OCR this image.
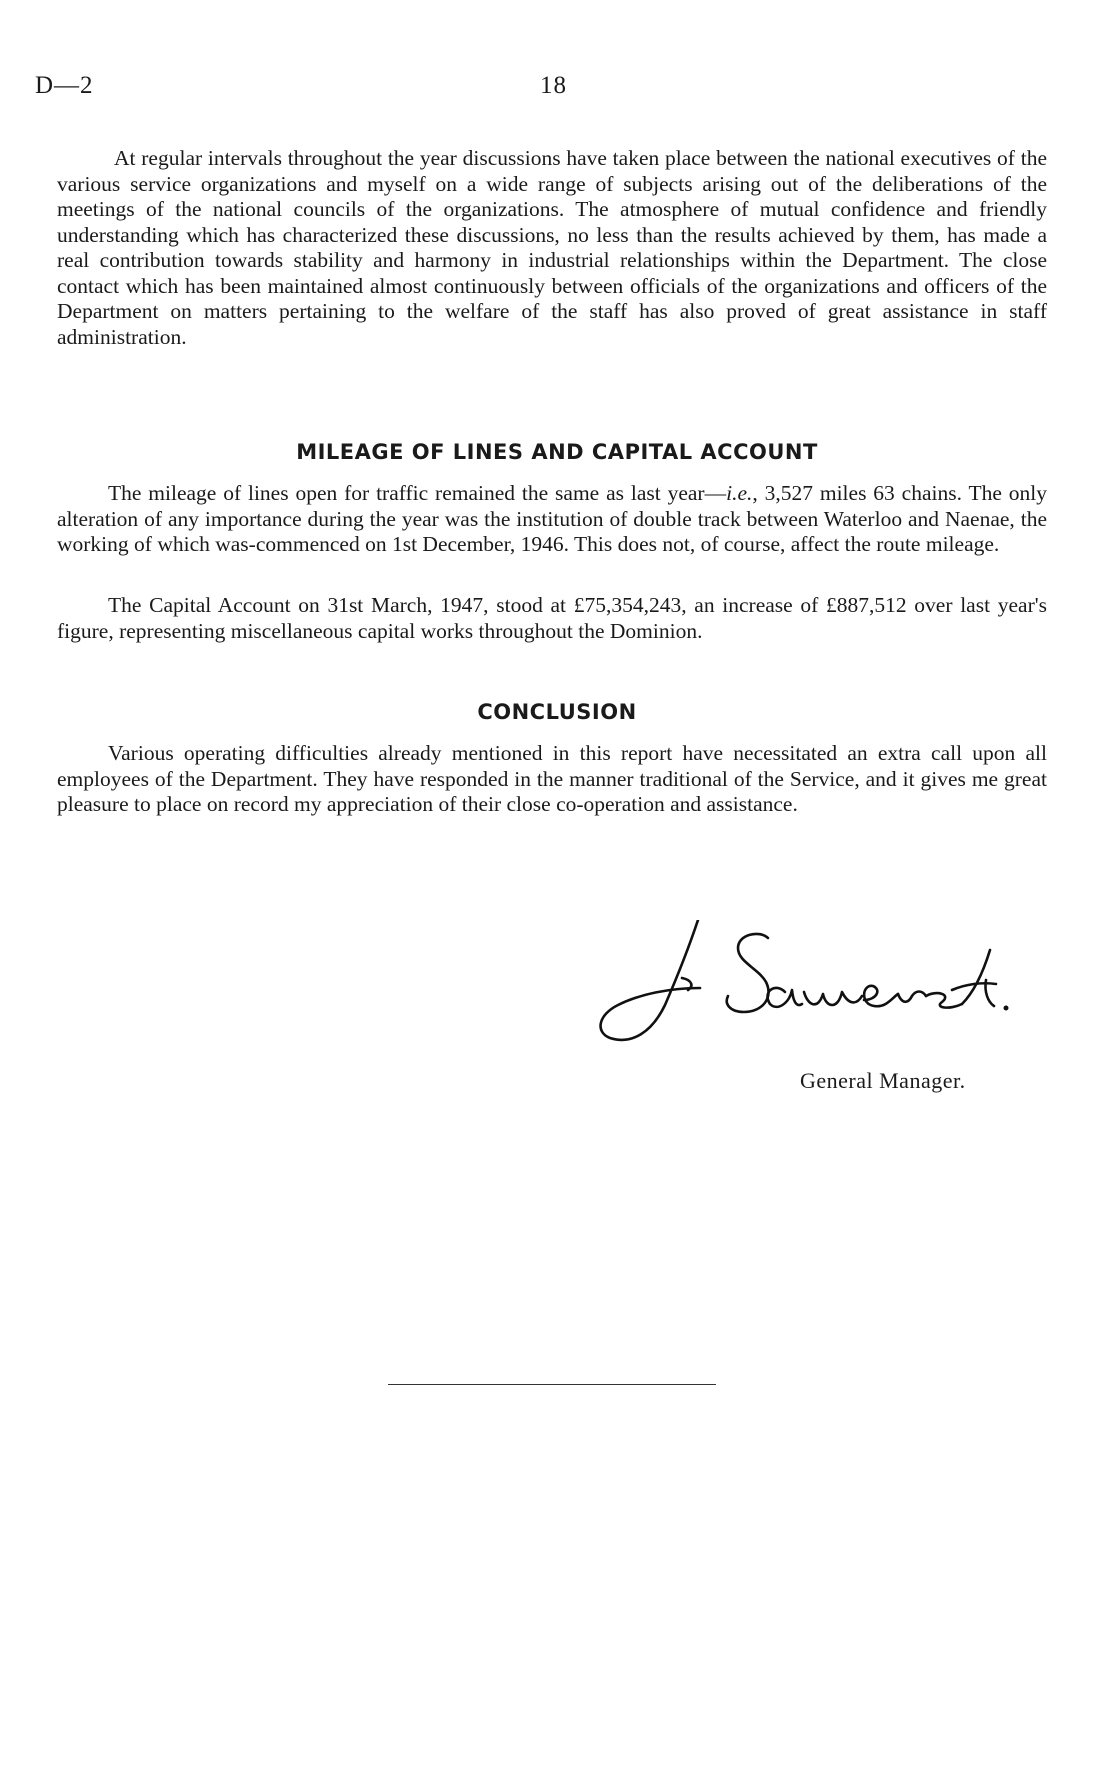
D—2	18

At regular intervals throughout the year discussions have taken place between the national executives of the various service organizations and myself on a wide range of subjects arising out of the deliberations of the meetings of the national councils of the organizations. The atmosphere of mutual confidence and friendly understanding which has characterized these discussions, no less than the results achieved by them, has made a real contribution towards stability and harmony in industrial relationships within the Department. The close contact which has been maintained almost continuously between officials of the organizations and officers of the Department on matters pertaining to the welfare of the staff has also proved of great assistance in staff administration.

MILEAGE OF LINES AND CAPITAL ACCOUNT

The mileage of lines open for traffic remained the same as last year—i.e., 3,527 miles 63 chains. The only alteration of any importance during the year was the institution of double track between Waterloo and Naenae, the working of which was-commenced on 1st December, 1946. This does not, of course, affect the route mileage.

The Capital Account on 31st March, 1947, stood at £75,354,243, an increase of £887,512 over last year's figure, representing miscellaneous capital works throughout the Dominion.

CONCLUSION

Various operating difficulties already mentioned in this report have necessitated an extra call upon all employees of the Department. They have responded in the manner traditional of the Service, and it gives me great pleasure to place on record my appreciation of their close co-operation and assistance.

General Manager.
